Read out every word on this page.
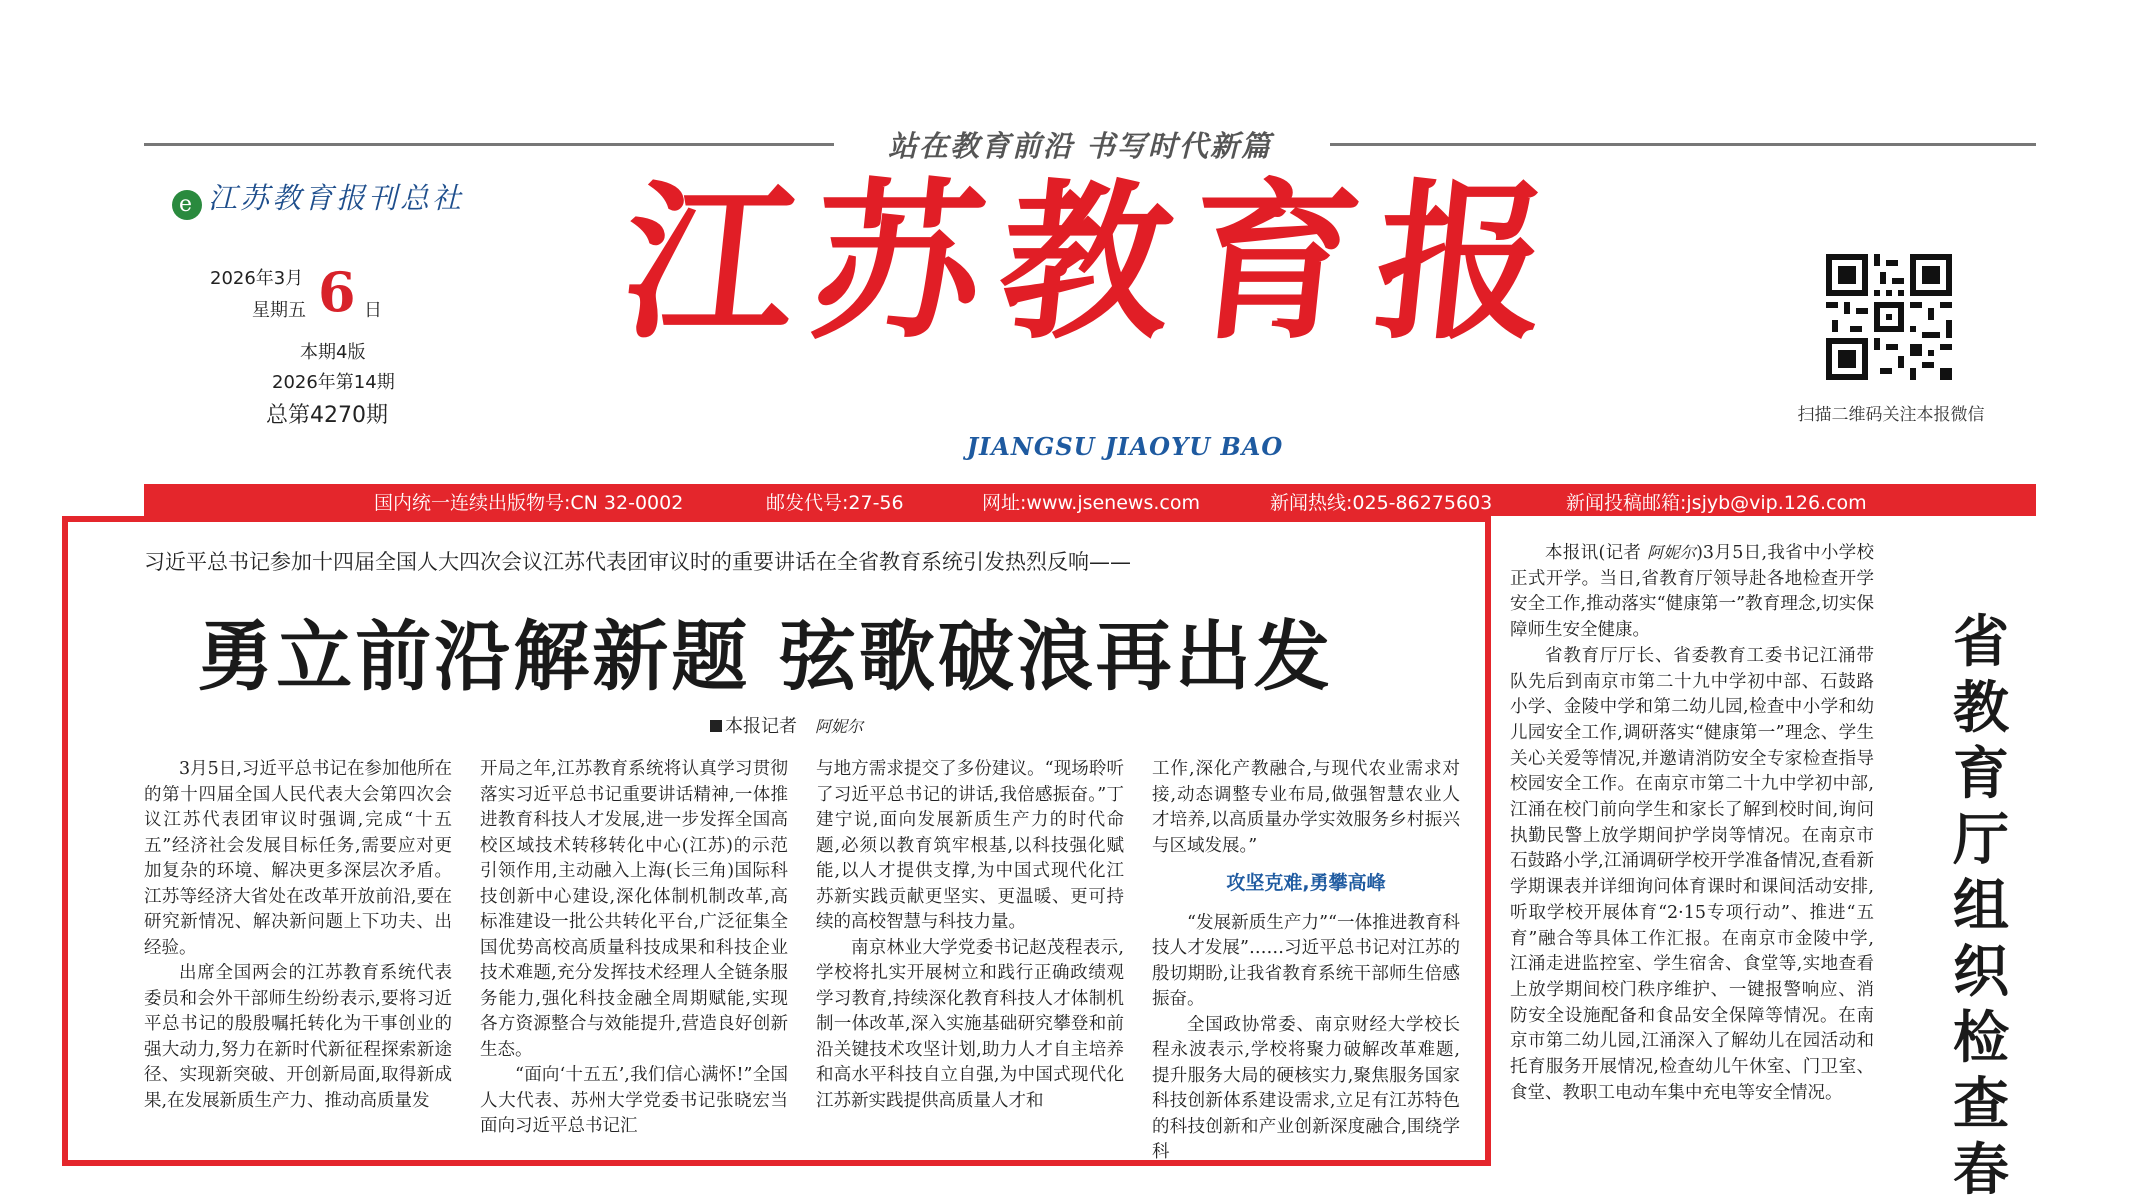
站在教育前沿 书写时代新篇
e 江苏教育报刊总社
2026年3月
星期五 6 日
本期4版
2026年第14期
总第4270期
江苏教育报
JIANGSU JIAOYU BAO
扫描二维码关注本报微信
国内统一连续出版物号:CN 32-0002	邮发代号:27-56	网址:www.jsenews.com	新闻热线:025-86275603	新闻投稿邮箱:jsjyb@vip.126.com
习近平总书记参加十四届全国人大四次会议江苏代表团审议时的重要讲话在全省教育系统引发热烈反响——
勇立前沿解新题 弦歌破浪再出发
本报记者 阿妮尔

3月5日,习近平总书记在参加他所在的第十四届全国人民代表大会第四次会议江苏代表团审议时强调,完成“十五五”经济社会发展目标任务,需要应对更加复杂的环境、解决更多深层次矛盾。江苏等经济大省处在改革开放前沿,要在研究新情况、解决新问题上下功夫、出经验。

出席全国两会的江苏教育系统代表委员和会外干部师生纷纷表示,要将习近平总书记的殷殷嘱托转化为干事创业的强大动力,努力在新时代新征程探索新途径、实现新突破、开创新局面,取得新成果,在发展新质生产力、推动高质量发

开局之年,江苏教育系统将认真学习贯彻落实习近平总书记重要讲话精神,一体推进教育科技人才发展,进一步发挥全国高校区域技术转移转化中心(江苏)的示范引领作用,主动融入上海(长三角)国际科技创新中心建设,深化体制机制改革,高标准建设一批公共转化平台,广泛征集全国优势高校高质量科技成果和科技企业技术难题,充分发挥技术经理人全链条服务能力,强化科技金融全周期赋能,实现各方资源整合与效能提升,营造良好创新生态。

“面向‘十五五’,我们信心满怀!”全国人大代表、苏州大学党委书记张晓宏当面向习近平总书记汇

与地方需求提交了多份建议。“现场聆听了习近平总书记的讲话,我倍感振奋。”丁建宁说,面向发展新质生产力的时代命题,必须以教育筑牢根基,以科技强化赋能,以人才提供支撑,为中国式现代化江苏新实践贡献更坚实、更温暖、更可持续的高校智慧与科技力量。

南京林业大学党委书记赵茂程表示,学校将扎实开展树立和践行正确政绩观学习教育,持续深化教育科技人才体制机制一体改革,深入实施基础研究攀登和前沿关键技术攻坚计划,助力人才自主培养和高水平科技自立自强,为中国式现代化江苏新实践提供高质量人才和

工作,深化产教融合,与现代农业需求对接,动态调整专业布局,做强智慧农业人才培养,以高质量办学实效服务乡村振兴与区域发展。”

攻坚克难,勇攀高峰

“发展新质生产力”“一体推进教育科技人才发展”……习近平总书记对江苏的殷切期盼,让我省教育系统干部师生倍感振奋。

全国政协常委、南京财经大学校长程永波表示,学校将聚力破解改革难题,提升服务大局的硬核实力,聚焦服务国家科技创新体系建设需求,立足有江苏特色的科技创新和产业创新深度融合,围绕学科

本报讯(记者 阿妮尔)3月5日,我省中小学校正式开学。当日,省教育厅领导赴各地检查开学安全工作,推动落实“健康第一”教育理念,切实保障师生安全健康。

省教育厅厅长、省委教育工委书记江涌带队先后到南京市第二十九中学初中部、石鼓路小学、金陵中学和第二幼儿园,检查中小学和幼儿园安全工作,调研落实“健康第一”理念、学生关心关爱等情况,并邀请消防安全专家检查指导校园安全工作。在南京市第二十九中学初中部,江涌在校门前向学生和家长了解到校时间,询问执勤民警上放学期间护学岗等情况。在南京市石鼓路小学,江涌调研学校开学准备情况,查看新学期课表并详细询问体育课时和课间活动安排,听取学校开展体育“2·15专项行动”、推进“五育”融合等具体工作汇报。在南京市金陵中学,江涌走进监控室、学生宿舍、食堂等,实地查看上放学期间校门秩序维护、一键报警响应、消防安全设施配备和食品安全保障等情况。在南京市第二幼儿园,江涌深入了解幼儿在园活动和托育服务开展情况,检查幼儿午休室、门卫室、食堂、教职工电动车集中充电等安全情况。

省教育厅组织检查春
